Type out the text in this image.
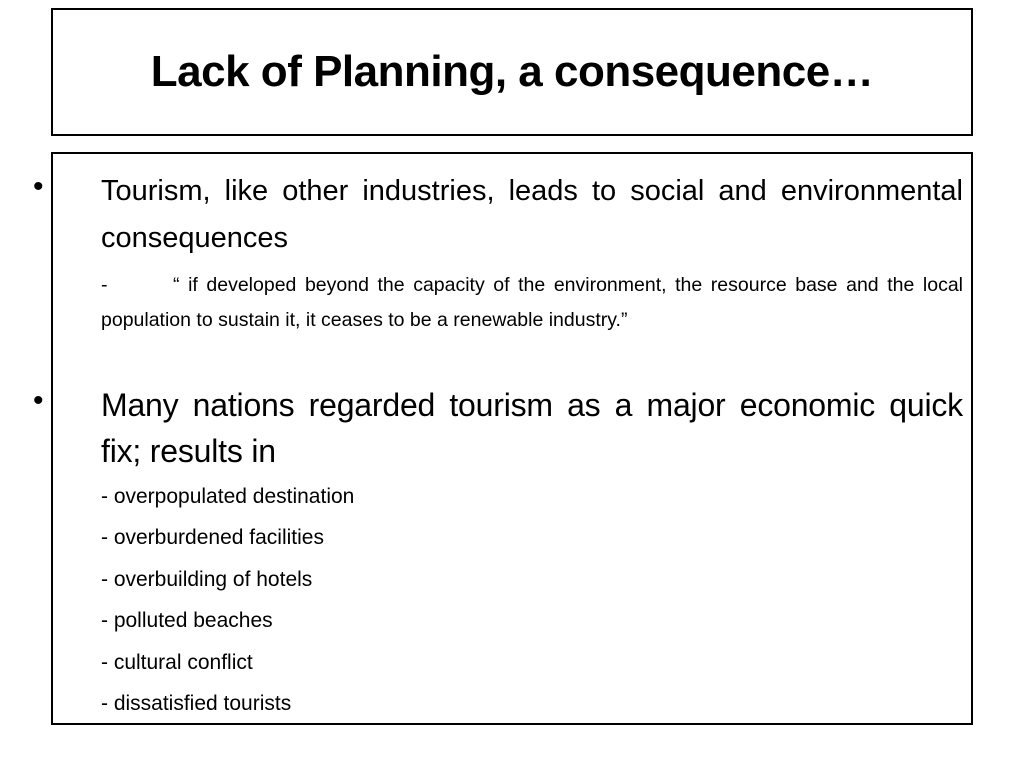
Lack of Planning, a consequence…
• Tourism, like other industries, leads to social and environmental consequences
-	“ if developed beyond the capacity of the environment, the resource base and the local population to sustain it, it ceases to be a renewable industry.”
• Many nations regarded tourism as a major economic quick fix; results in
- overpopulated destination
- overburdened facilities
- overbuilding of hotels
- polluted beaches
- cultural conflict
- dissatisfied tourists
